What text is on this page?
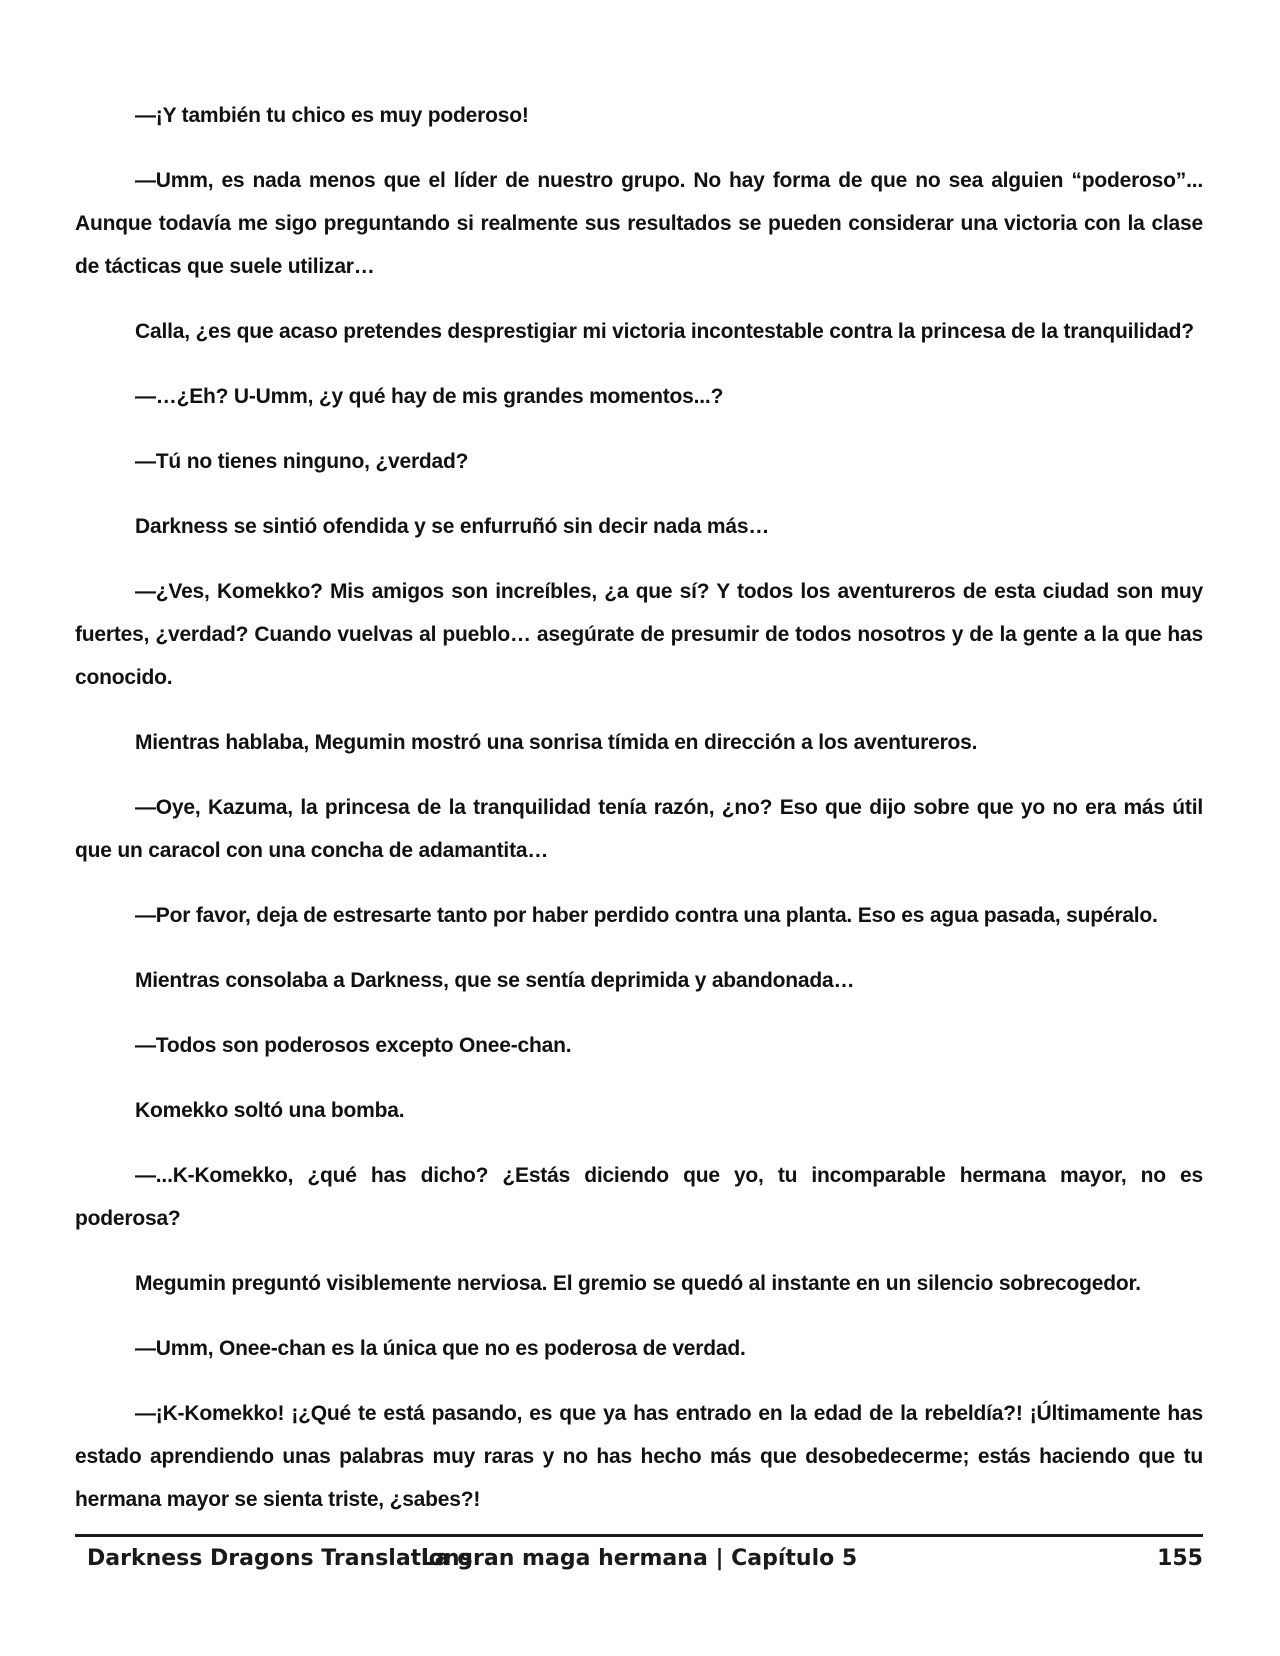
—¡Y también tu chico es muy poderoso!

—Umm, es nada menos que el líder de nuestro grupo. No hay forma de que no sea alguien “poderoso”... Aunque todavía me sigo preguntando si realmente sus resultados se pueden considerar una victoria con la clase de tácticas que suele utilizar…

Calla, ¿es que acaso pretendes desprestigiar mi victoria incontestable contra la princesa de la tranquilidad?

—…¿Eh? U-Umm, ¿y qué hay de mis grandes momentos...?

—Tú no tienes ninguno, ¿verdad?

Darkness se sintió ofendida y se enfurruñó sin decir nada más…

—¿Ves, Komekko? Mis amigos son increíbles, ¿a que sí? Y todos los aventureros de esta ciudad son muy fuertes, ¿verdad? Cuando vuelvas al pueblo… asegúrate de presumir de todos nosotros y de la gente a la que has conocido.

Mientras hablaba, Megumin mostró una sonrisa tímida en dirección a los aventureros.

—Oye, Kazuma, la princesa de la tranquilidad tenía razón, ¿no? Eso que dijo sobre que yo no era más útil que un caracol con una concha de adamantita…

—Por favor, deja de estresarte tanto por haber perdido contra una planta. Eso es agua pasada, supéralo.

Mientras consolaba a Darkness, que se sentía deprimida y abandonada…

—Todos son poderosos excepto Onee-chan.

Komekko soltó una bomba.

—...K-Komekko, ¿qué has dicho? ¿Estás diciendo que yo, tu incomparable hermana mayor, no es poderosa?

Megumin preguntó visiblemente nerviosa. El gremio se quedó al instante en un silencio sobrecogedor.

—Umm, Onee-chan es la única que no es poderosa de verdad.

—¡K-Komekko! ¡¿Qué te está pasando, es que ya has entrado en la edad de la rebeldía?! ¡Últimamente has estado aprendiendo unas palabras muy raras y no has hecho más que desobedecerme; estás haciendo que tu hermana mayor se sienta triste, ¿sabes?!

Darkness Dragons Translations
La gran maga hermana | Capítulo 5	155
